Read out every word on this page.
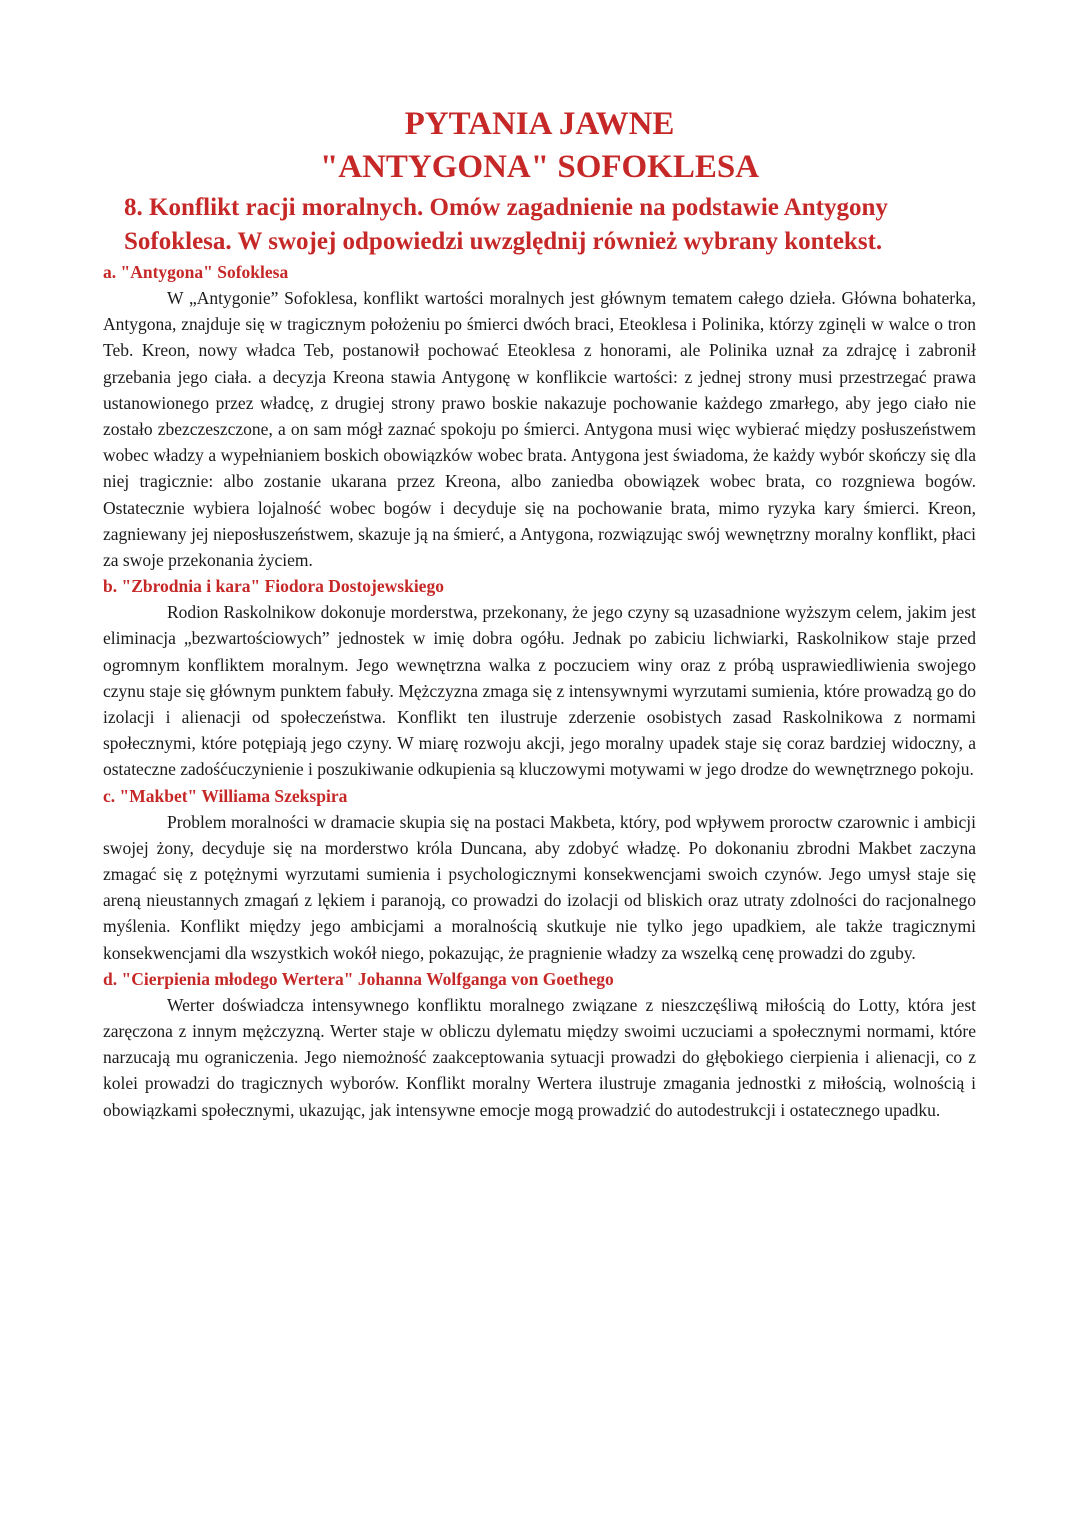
PYTANIA JAWNE
"ANTYGONA" SOFOKLESA
8. Konflikt racji moralnych. Omów zagadnienie na podstawie Antygony Sofoklesa. W swojej odpowiedzi uwzględnij również wybrany kontekst.
a. "Antygona" Sofoklesa

W „Antygonie” Sofoklesa, konflikt wartości moralnych jest głównym tematem całego dzieła. Główna bohaterka, Antygona, znajduje się w tragicznym położeniu po śmierci dwóch braci, Eteoklesa i Polinika, którzy zginęli w walce o tron Teb. Kreon, nowy władca Teb, postanowił pochować Eteoklesa z honorami, ale Polinika uznał za zdrajcę i zabronił grzebania jego ciała. a decyzja Kreona stawia Antygonę w konflikcie wartości: z jednej strony musi przestrzegać prawa ustanowionego przez władcę, z drugiej strony prawo boskie nakazuje pochowanie każdego zmarłego, aby jego ciało nie zostało zbezczeszczone, a on sam mógł zaznać spokoju po śmierci. Antygona musi więc wybierać między posłuszeństwem wobec władzy a wypełnianiem boskich obowiązków wobec brata. Antygona jest świadoma, że każdy wybór skończy się dla niej tragicznie: albo zostanie ukarana przez Kreona, albo zaniedba obowiązek wobec brata, co rozgniewa bogów. Ostatecznie wybiera lojalność wobec bogów i decyduje się na pochowanie brata, mimo ryzyka kary śmierci. Kreon, zagniewany jej nieposłuszeństwem, skazuje ją na śmierć, a Antygona, rozwiązując swój wewnętrzny moralny konflikt, płaci za swoje przekonania życiem.

b. "Zbrodnia i kara" Fiodora Dostojewskiego

Rodion Raskolnikow dokonuje morderstwa, przekonany, że jego czyny są uzasadnione wyższym celem, jakim jest eliminacja „bezwartościowych” jednostek w imię dobra ogółu. Jednak po zabiciu lichwiarki, Raskolnikow staje przed ogromnym konfliktem moralnym. Jego wewnętrzna walka z poczuciem winy oraz z próbą usprawiedliwienia swojego czynu staje się głównym punktem fabuły. Mężczyzna zmaga się z intensywnymi wyrzutami sumienia, które prowadzą go do izolacji i alienacji od społeczeństwa. Konflikt ten ilustruje zderzenie osobistych zasad Raskolnikowa z normami społecznymi, które potępiają jego czyny. W miarę rozwoju akcji, jego moralny upadek staje się coraz bardziej widoczny, a ostateczne zadośćuczynienie i poszukiwanie odkupienia są kluczowymi motywami w jego drodze do wewnętrznego pokoju.

c. "Makbet" Williama Szekspira

Problem moralności w dramacie skupia się na postaci Makbeta, który, pod wpływem proroctw czarownic i ambicji swojej żony, decyduje się na morderstwo króla Duncana, aby zdobyć władzę. Po dokonaniu zbrodni Makbet zaczyna zmagać się z potężnymi wyrzutami sumienia i psychologicznymi konsekwencjami swoich czynów. Jego umysł staje się areną nieustannych zmagań z lękiem i paranoją, co prowadzi do izolacji od bliskich oraz utraty zdolności do racjonalnego myślenia. Konflikt między jego ambicjami a moralnością skutkuje nie tylko jego upadkiem, ale także tragicznymi konsekwencjami dla wszystkich wokół niego, pokazując, że pragnienie władzy za wszelką cenę prowadzi do zguby.

d. "Cierpienia młodego Wertera" Johanna Wolfganga von Goethego

Werter doświadcza intensywnego konfliktu moralnego związane z nieszczęśliwą miłością do Lotty, która jest zaręczona z innym mężczyzną. Werter staje w obliczu dylematu między swoimi uczuciami a społecznymi normami, które narzucają mu ograniczenia. Jego niemożność zaakceptowania sytuacji prowadzi do głębokiego cierpienia i alienacji, co z kolei prowadzi do tragicznych wyborów. Konflikt moralny Wertera ilustruje zmagania jednostki z miłością, wolnością i obowiązkami społecznymi, ukazując, jak intensywne emocje mogą prowadzić do autodestrukcji i ostatecznego upadku.
